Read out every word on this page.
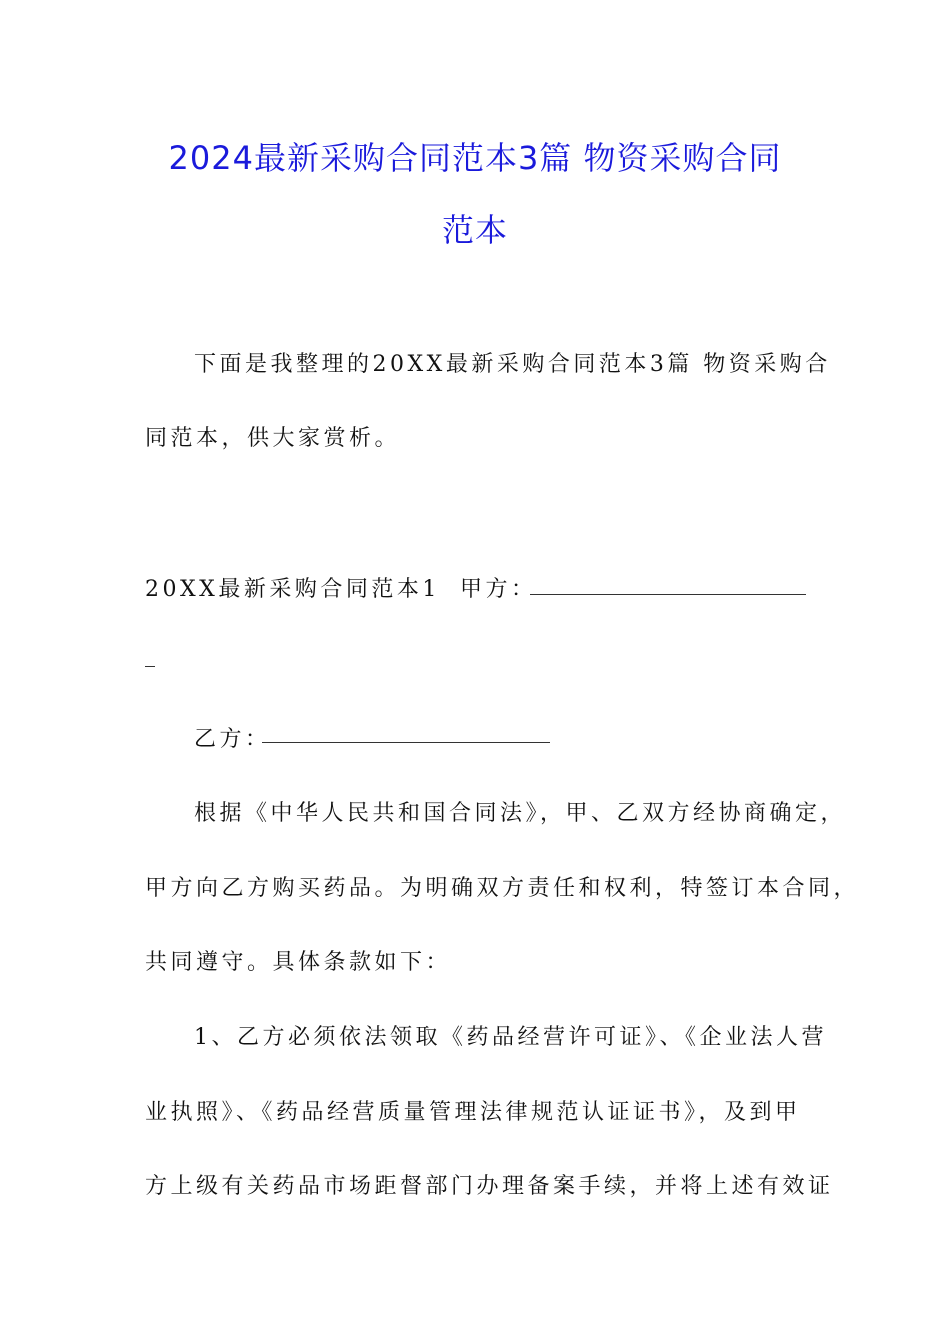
2024最新采购合同范本3篇 物资采购合同
范本
下面是我整理的20XX最新采购合同范本3篇 物资采购合
同范本，供大家赏析。
20XX最新采购合同范本1 甲方：
乙方：
根据《中华人民共和国合同法》，甲、乙双方经协商确定，
甲方向乙方购买药品。为明确双方责任和权利，特签订本合同，
共同遵守。具体条款如下：
1、乙方必须依法领取《药品经营许可证》、《企业法人营
业执照》、《药品经营质量管理法律规范认证证书》，及到甲
方上级有关药品市场距督部门办理备案手续，并将上述有效证
